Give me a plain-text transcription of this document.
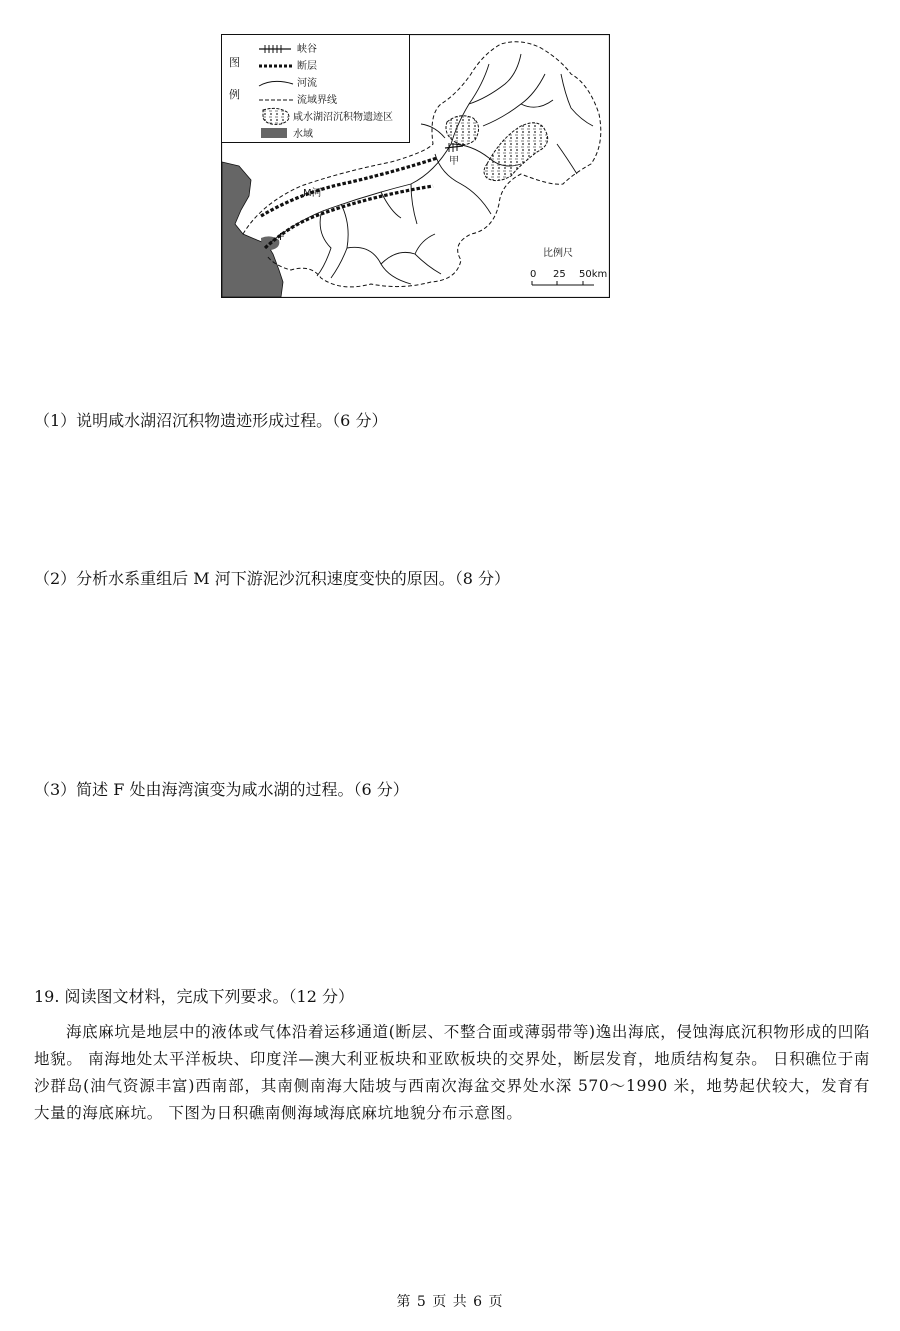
图
例
峡谷
断层
河流
流域界线
咸水湖沼沉积物遗迹区
水域
甲
M河
F
比例尺
0 25 50km
（1）说明咸水湖沼沉积物遗迹形成过程。（6 分）
（2）分析水系重组后 M 河下游泥沙沉积速度变快的原因。（8 分）
（3）简述 F 处由海湾演变为咸水湖的过程。（6 分）
19. 阅读图文材料，完成下列要求。（12 分）
海底麻坑是地层中的液体或气体沿着运移通道(断层、不整合面或薄弱带等)逸出海底，侵蚀海底沉积物形成的凹陷地貌。 南海地处太平洋板块、印度洋—澳大利亚板块和亚欧板块的交界处，断层发育，地质结构复杂。 日积礁位于南沙群岛(油气资源丰富)西南部，其南侧南海大陆坡与西南次海盆交界处水深 570～1990 米，地势起伏较大，发育有大量的海底麻坑。 下图为日积礁南侧海域海底麻坑地貌分布示意图。
第 5 页 共 6 页
